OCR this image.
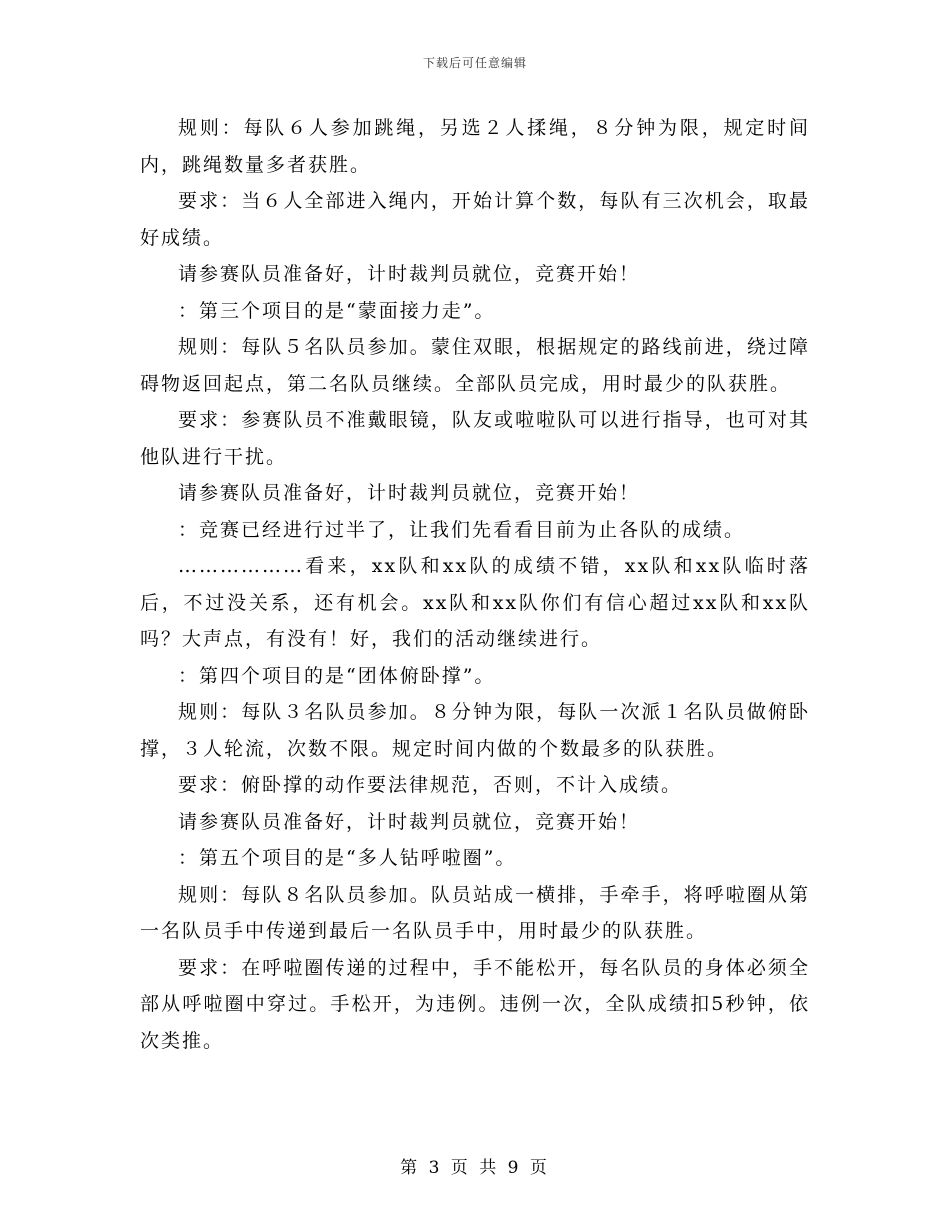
下载后可任意编辑

规则：每队６人参加跳绳，另选２人揉绳，８分钟为限，规定时间内，跳绳数量多者获胜。

要求：当６人全部进入绳内，开始计算个数，每队有三次机会，取最好成绩。

请参赛队员准备好，计时裁判员就位，竞赛开始！

：第三个项目的是“蒙面接力走”。

规则：每队５名队员参加。蒙住双眼，根据规定的路线前进，绕过障碍物返回起点，第二名队员继续。全部队员完成，用时最少的队获胜。

要求：参赛队员不准戴眼镜，队友或啦啦队可以进行指导，也可对其他队进行干扰。

请参赛队员准备好，计时裁判员就位，竞赛开始！

：竞赛已经进行过半了，让我们先看看目前为止各队的成绩。

………………看来，xx队和xx队的成绩不错，xx队和xx队临时落后，不过没关系，还有机会。xx队和xx队你们有信心超过xx队和xx队吗？大声点，有没有！好，我们的活动继续进行。

：第四个项目的是“团体俯卧撑”。

规则：每队３名队员参加。８分钟为限，每队一次派１名队员做俯卧撑，３人轮流，次数不限。规定时间内做的个数最多的队获胜。

要求：俯卧撑的动作要法律规范，否则，不计入成绩。

请参赛队员准备好，计时裁判员就位，竞赛开始！

：第五个项目的是“多人钻呼啦圈”。

规则：每队８名队员参加。队员站成一横排，手牵手，将呼啦圈从第一名队员手中传递到最后一名队员手中，用时最少的队获胜。

要求：在呼啦圈传递的过程中，手不能松开，每名队员的身体必须全部从呼啦圈中穿过。手松开，为违例。违例一次，全队成绩扣5秒钟，依次类推。

第 3 页 共 9 页
